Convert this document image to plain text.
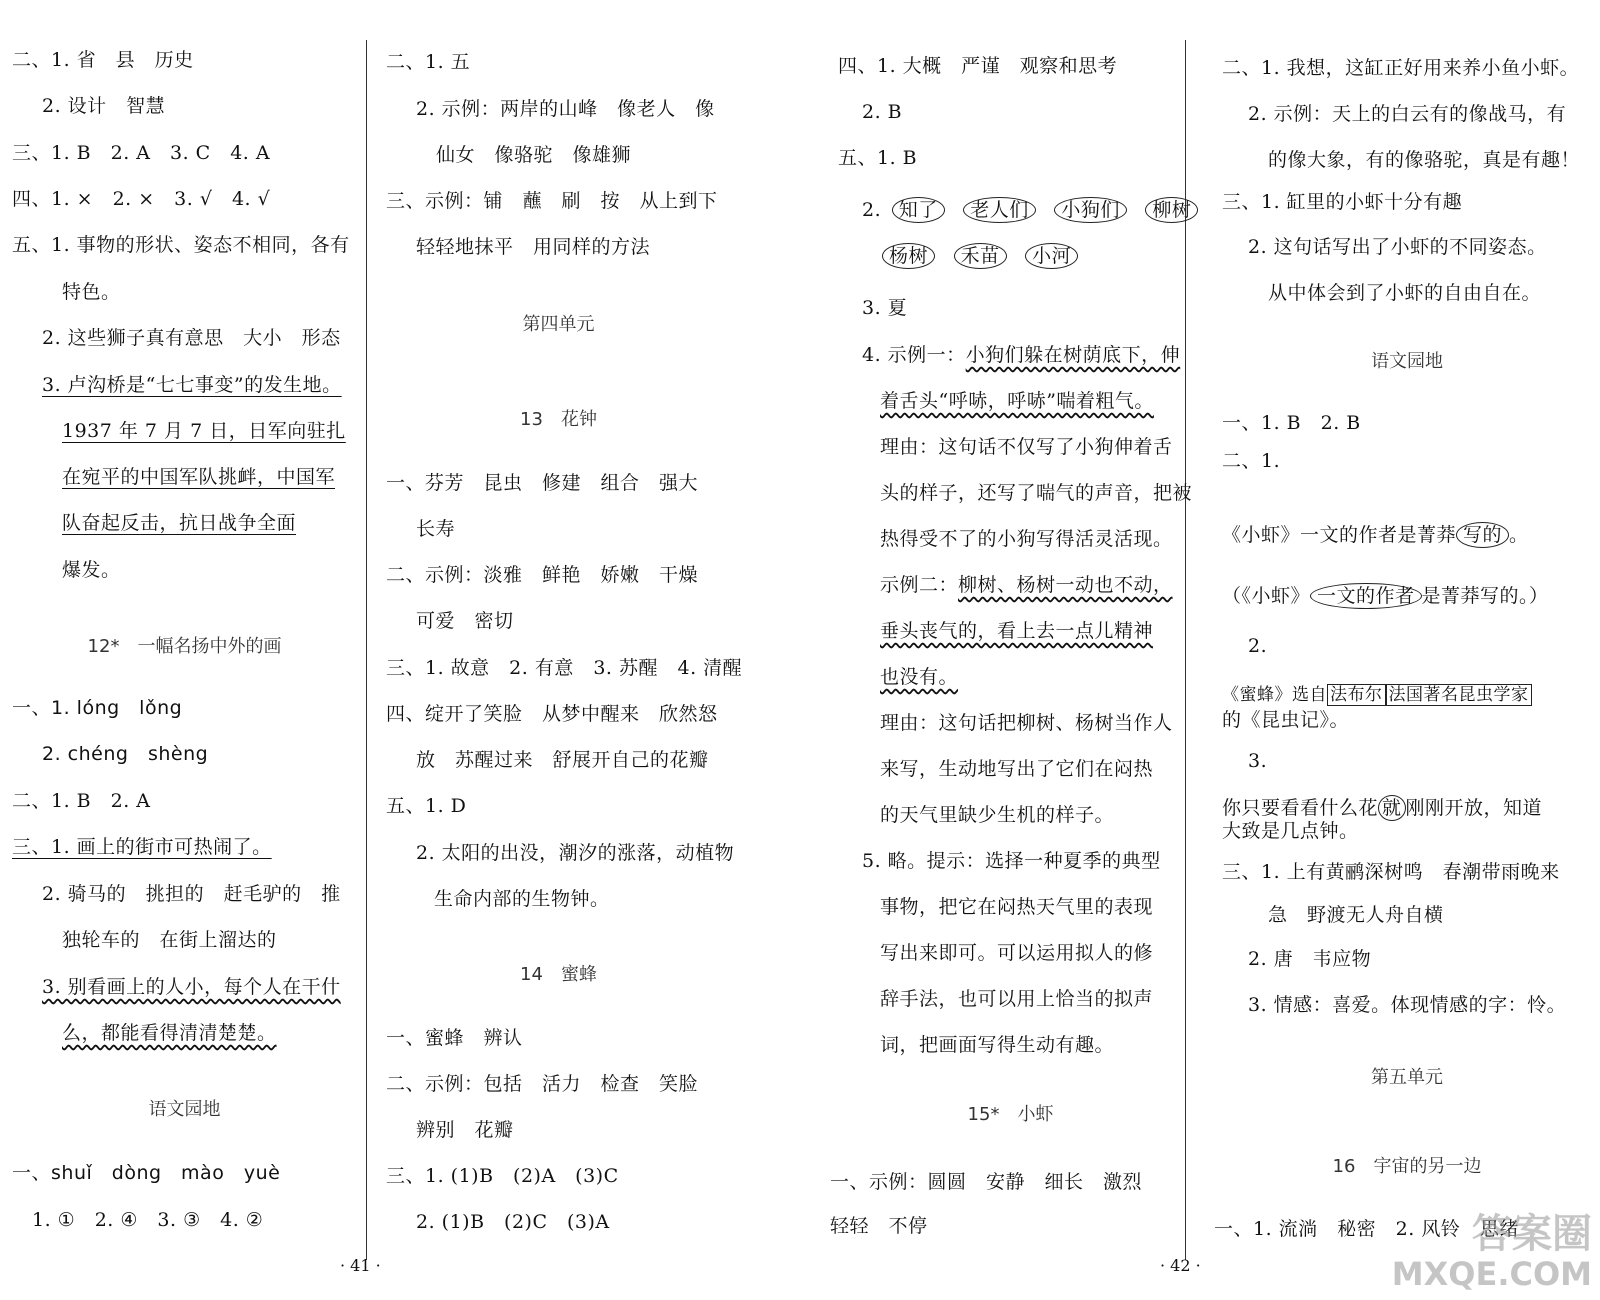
二、1. 省　县　历史
2. 设计　智慧
三、1. B　2. A　3. C　4. A
四、1. ×　2. ×　3. √　4. √
五、1. 事物的形状、姿态不相同，各有
特色。
2. 这些狮子真有意思　大小　形态
3. 卢沟桥是“七七事变”的发生地。
1937 年 7 月 7 日，日军向驻扎
在宛平的中国军队挑衅，中国军
队奋起反击，抗日战争全面
爆发。
12*　一幅名扬中外的画
一、1. lóng　lǒng
2. chéng　shèng
二、1. B　2. A
三、1. 画上的街市可热闹了。
2. 骑马的　挑担的　赶毛驴的　推
独轮车的　在街上溜达的
3. 别看画上的人小，每个人在干什
么，都能看得清清楚楚。
语文园地
一、shuǐ　dòng　mào　yuè
1. ①　2. ④　3. ③　4. ②
二、1. 五
2. 示例：两岸的山峰　像老人　像
仙女　像骆驼　像雄狮
三、示例：铺　蘸　刷　按　从上到下
轻轻地抹平　用同样的方法
第四单元
13　花钟
一、芬芳　昆虫　修建　组合　强大
长寿
二、示例：淡雅　鲜艳　娇嫩　干燥
可爱　密切
三、1. 故意　2. 有意　3. 苏醒　4. 清醒
四、绽开了笑脸　从梦中醒来　欣然怒
放　苏醒过来　舒展开自己的花瓣
五、1. D
2. 太阳的出没，潮汐的涨落，动植物
生命内部的生物钟。
14　蜜蜂
一、蜜蜂　辨认
二、示例：包括　活力　检查　笑脸
辨别　花瓣
三、1. (1)B　(2)A　(3)C
2. (1)B　(2)C　(3)A
· 41 ·
四、1. 大概　严谨　观察和思考
2. B
五、1. B
2. 知了 老人们 小狗们 柳树
杨树 禾苗 小河
3. 夏
4. 示例一：小狗们躲在树荫底下，伸
着舌头“呼哧，呼哧”喘着粗气。
理由：这句话不仅写了小狗伸着舌
头的样子，还写了喘气的声音，把被
热得受不了的小狗写得活灵活现。
示例二：柳树、杨树一动也不动，
垂头丧气的，看上去一点儿精神
也没有。
理由：这句话把柳树、杨树当作人
来写，生动地写出了它们在闷热
的天气里缺少生机的样子。
5. 略。提示：选择一种夏季的典型
事物，把它在闷热天气里的表现
写出来即可。可以运用拟人的修
辞手法，也可以用上恰当的拟声
词，把画面写得生动有趣。
15*　小虾
一、示例：圆圆　安静　细长　激烈
轻轻　不停
二、1. 我想，这缸正好用来养小鱼小虾。
2. 示例：天上的白云有的像战马，有
的像大象，有的像骆驼，真是有趣！
三、1. 缸里的小虾十分有趣
2. 这句话写出了小虾的不同姿态。
从中体会到了小虾的自由自在。
语文园地
一、1. B　2. B
二、1.
《小虾》一文的作者是菁莽 写的 。
（《小虾》 一文的作者 是菁莽写的。）
2.
《蜜蜂》选自 法布尔 法国著名昆虫学家
的《昆虫记》。
3.
你只要看看什么花 就 刚刚开放，知道
大致是几点钟。
三、1. 上有黄鹂深树鸣　春潮带雨晚来
急　野渡无人舟自横
2. 唐　韦应物
3. 情感：喜爱。体现情感的字：怜。
第五单元
16　宇宙的另一边
一、1. 流淌　秘密　2. 风铃　思绪
· 42 ·
答案圈
MXQE.COM
